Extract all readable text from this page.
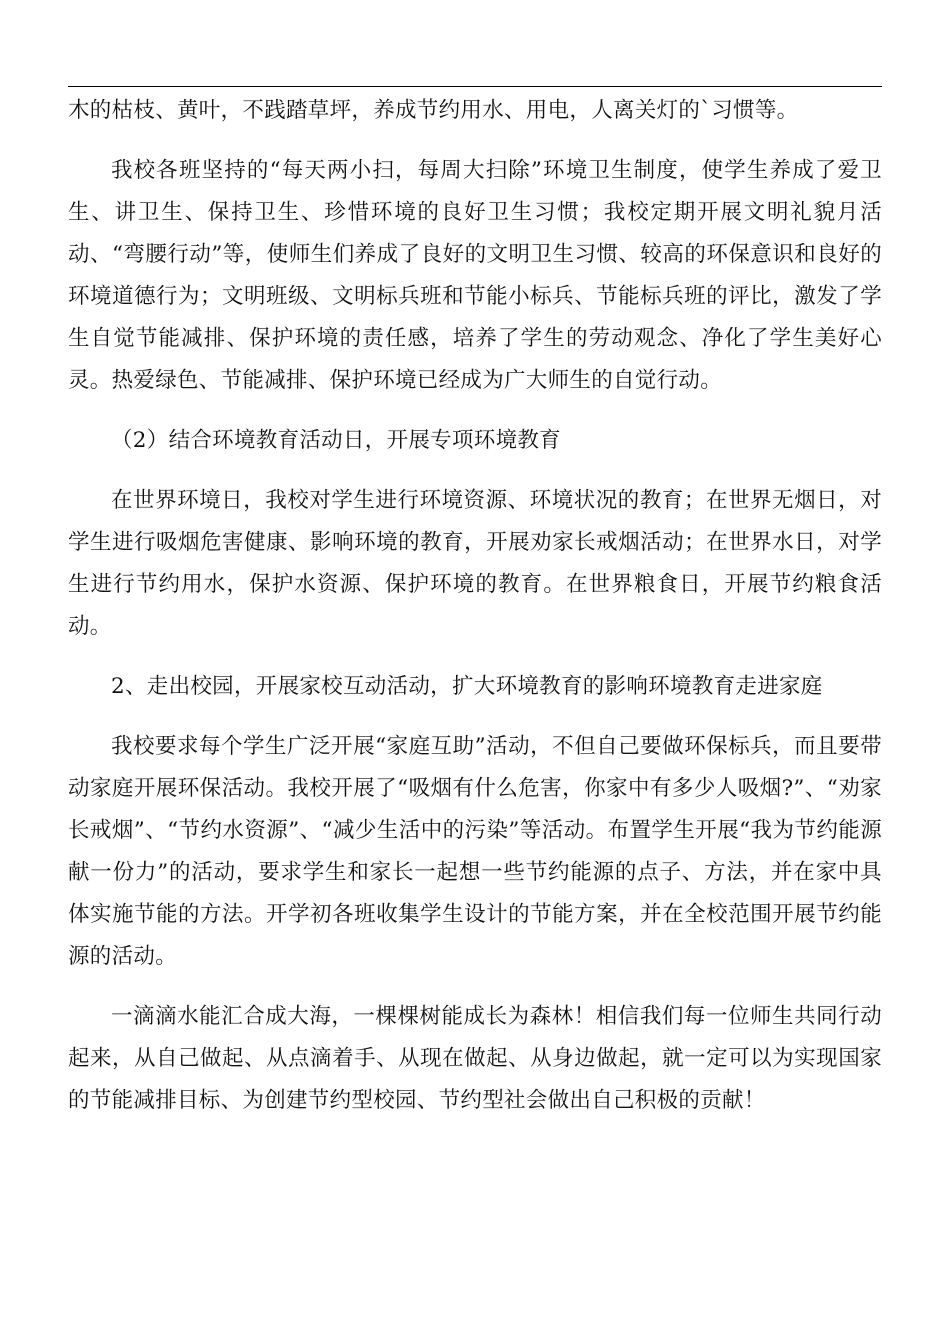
木的枯枝、黄叶，不践踏草坪，养成节约用水、用电，人离关灯的`习惯等。

我校各班坚持的“每天两小扫，每周大扫除”环境卫生制度，使学生养成了爱卫生、讲卫生、保持卫生、珍惜环境的良好卫生习惯；我校定期开展文明礼貌月活动、“弯腰行动”等，使师生们养成了良好的文明卫生习惯、较高的环保意识和良好的环境道德行为；文明班级、文明标兵班和节能小标兵、节能标兵班的评比，激发了学生自觉节能减排、保护环境的责任感，培养了学生的劳动观念、净化了学生美好心灵。热爱绿色、节能减排、保护环境已经成为广大师生的自觉行动。

（2）结合环境教育活动日，开展专项环境教育

在世界环境日，我校对学生进行环境资源、环境状况的教育；在世界无烟日，对学生进行吸烟危害健康、影响环境的教育，开展劝家长戒烟活动；在世界水日，对学生进行节约用水，保护水资源、保护环境的教育。在世界粮食日，开展节约粮食活动。

2、走出校园，开展家校互动活动，扩大环境教育的影响环境教育走进家庭

我校要求每个学生广泛开展“家庭互助”活动，不但自己要做环保标兵，而且要带动家庭开展环保活动。我校开展了“吸烟有什么危害，你家中有多少人吸烟?”、“劝家长戒烟”、“节约水资源”、“减少生活中的污染”等活动。布置学生开展“我为节约能源献一份力”的活动，要求学生和家长一起想一些节约能源的点子、方法，并在家中具体实施节能的方法。开学初各班收集学生设计的节能方案，并在全校范围开展节约能源的活动。

一滴滴水能汇合成大海，一棵棵树能成长为森林！相信我们每一位师生共同行动起来，从自己做起、从点滴着手、从现在做起、从身边做起，就一定可以为实现国家的节能减排目标、为创建节约型校园、节约型社会做出自己积极的贡献！
